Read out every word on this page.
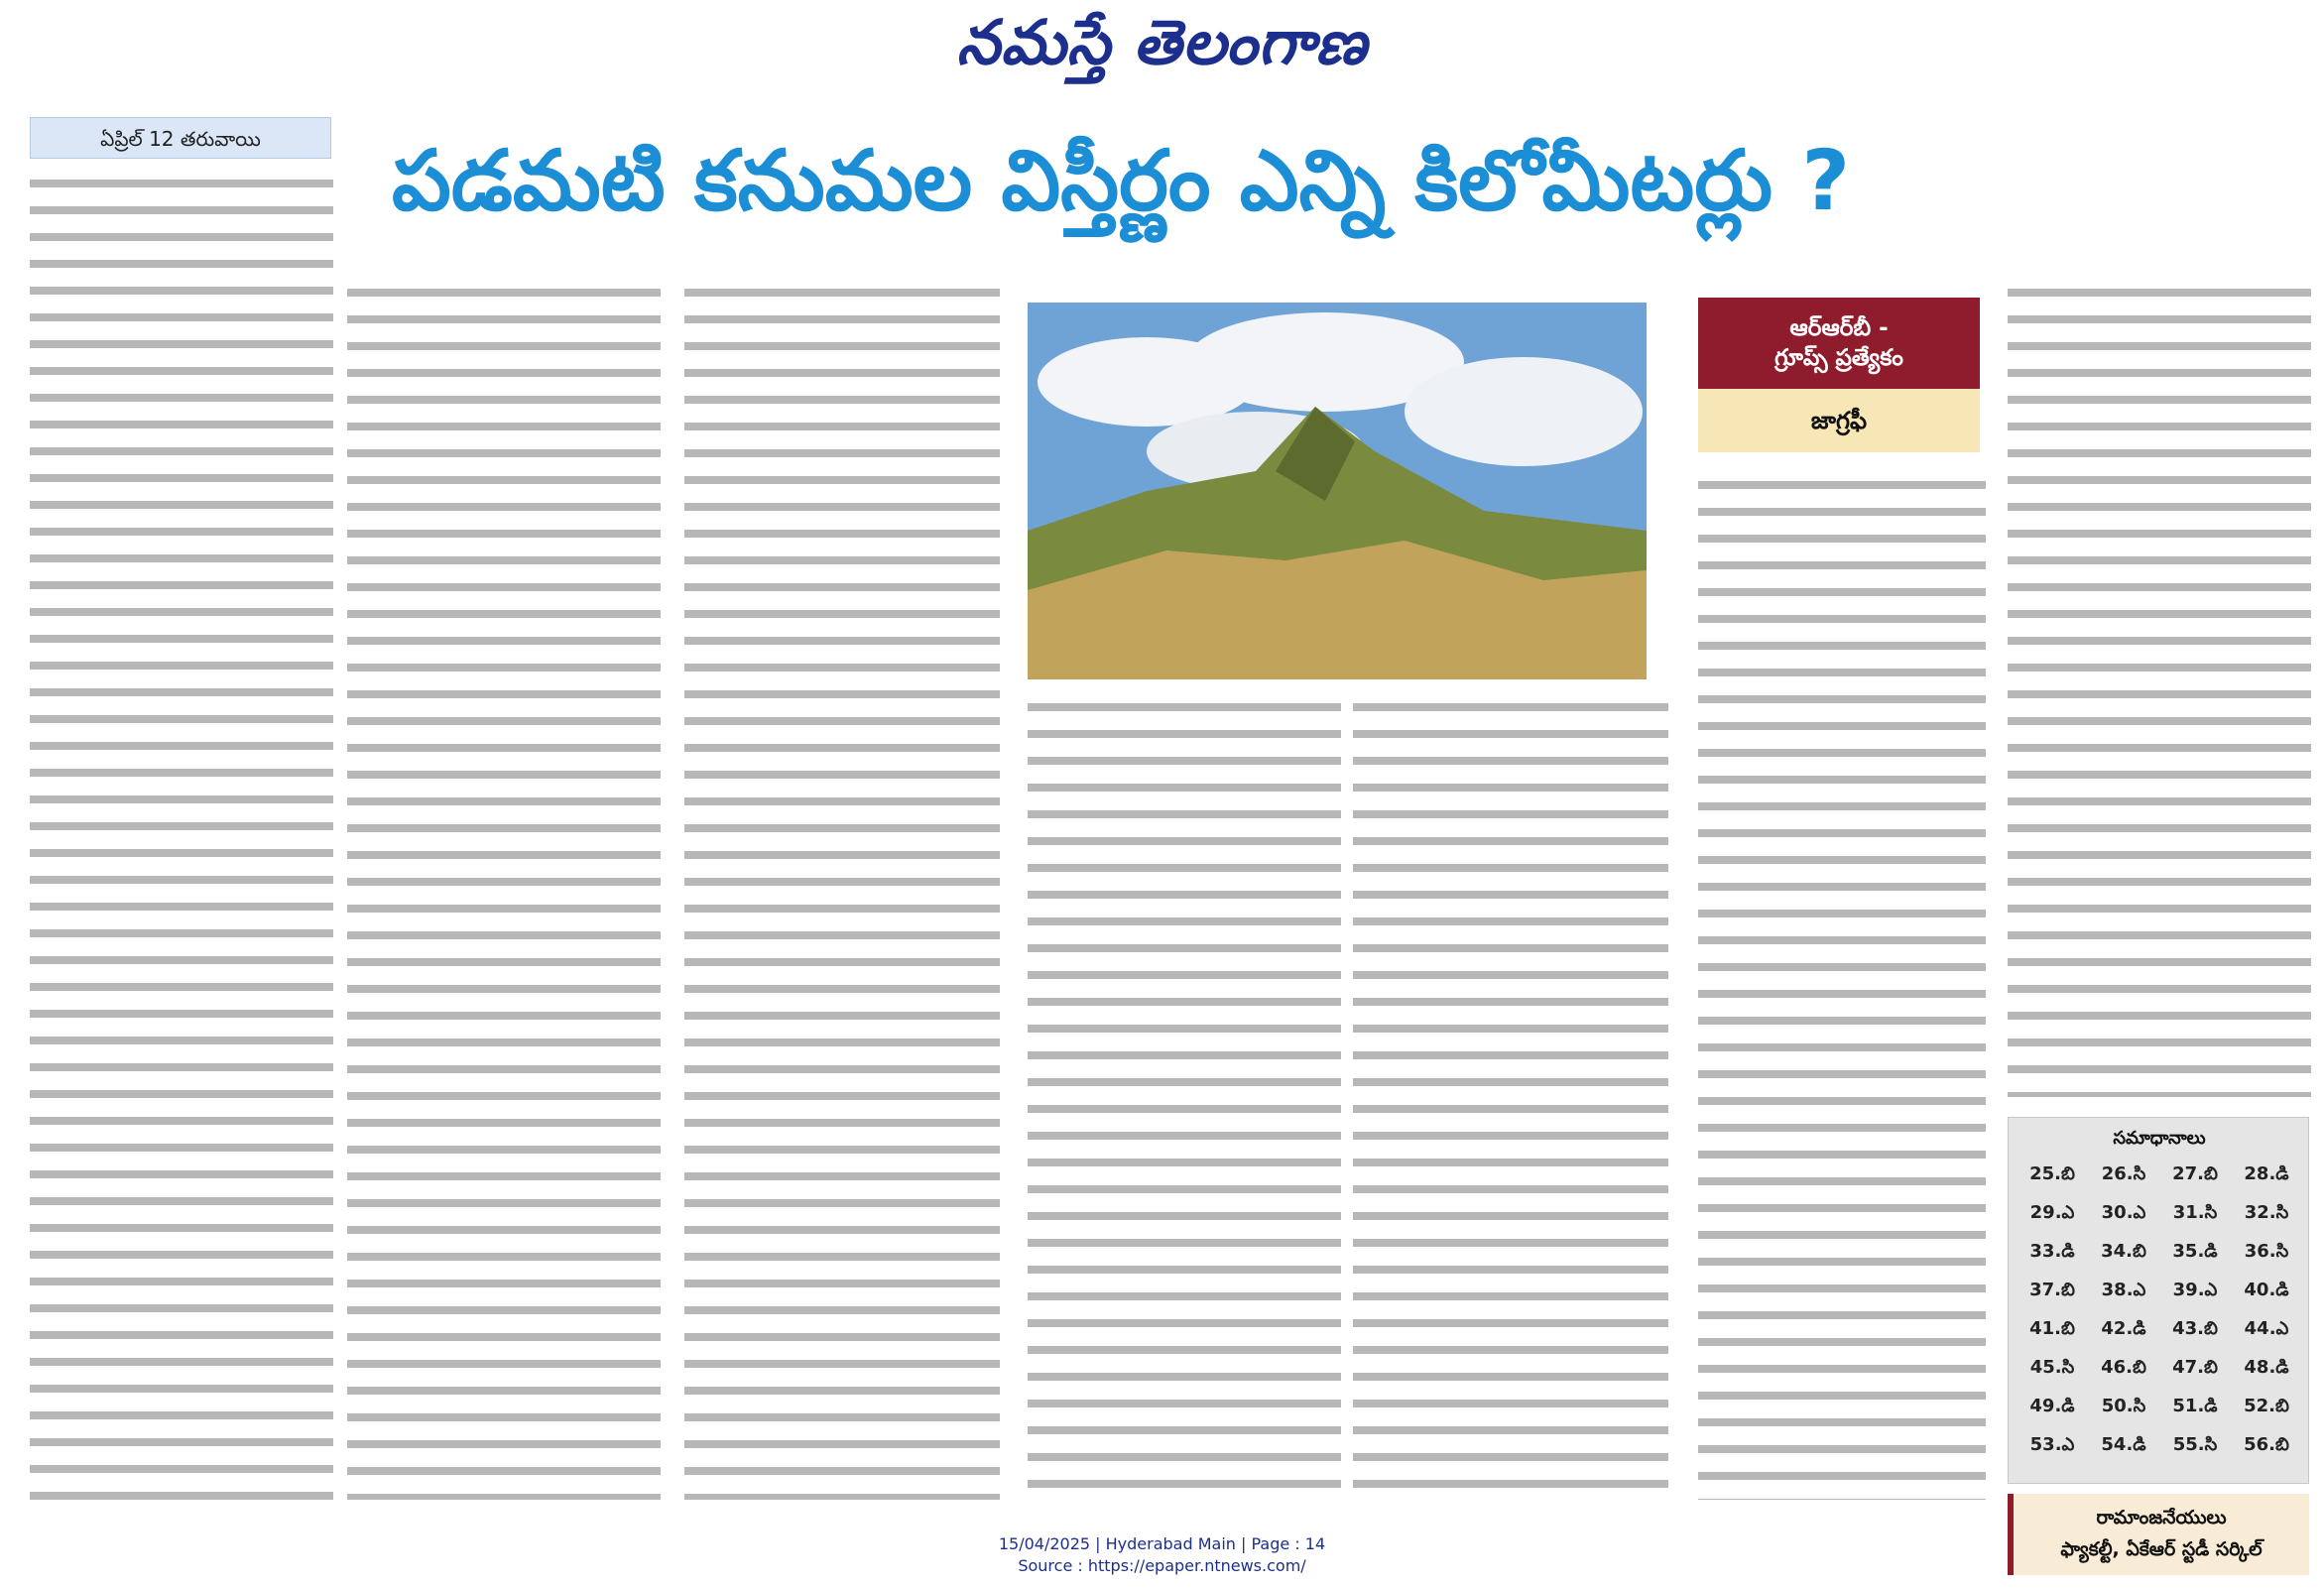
నమస్తే తెలంగాణ
ఏప్రిల్ 12 తరువాయి	పడమటి కనుమల విస్తీర్ణం ఎన్ని కిలోమీటర్లు ?
ఆర్ఆర్‌బీ -
గ్రూప్స్ ప్రత్యేకం
జాగ్రఫీ
సమాధానాలు
25.బి	26.సి	27.బి	28.డి
29.ఎ	30.ఎ	31.సి	32.సి
33.డి	34.బి	35.డి	36.సి
37.బి	38.ఎ	39.ఎ	40.డి
41.బి	42.డి	43.బి	44.ఎ
45.సి	46.బి	47.బి	48.డి
49.డి	50.సి	51.డి	52.బి
53.ఎ	54.డి	55.సి	56.బి
రామాంజనేయులు
ఫ్యాకల్టీ, ఏకేఆర్ స్టడీ సర్కిల్
15/04/2025 | Hyderabad Main | Page : 14
Source : https://epaper.ntnews.com/
